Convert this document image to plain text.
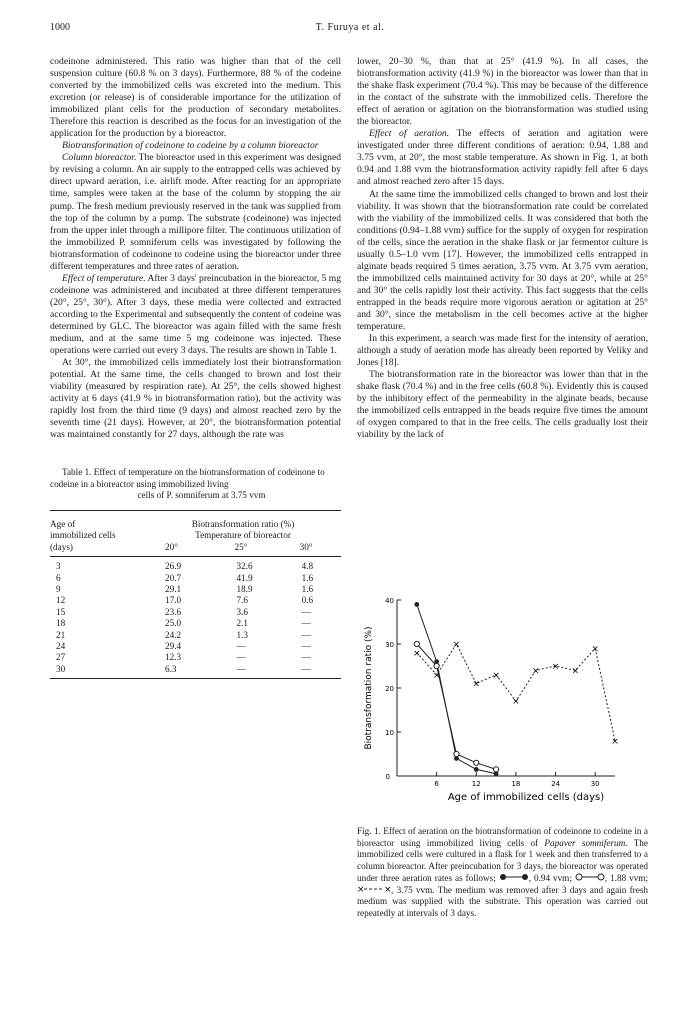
1000	T. Furuya et al.

codeinone administered. This ratio was higher than that of the cell suspension culture (60.8 % on 3 days). Furthermore, 88 % of the codeine converted by the immobilized cells was excreted into the medium. This excretion (or release) is of considerable importance for the utilization of immobilized plant cells for the production of secondary metabolites. Therefore this reaction is described as the focus for an investigation of the application for the production by a bioreactor.

Biotransformation of codeinone to codeine by a column bioreactor

Column bioreactor. The bioreactor used in this experiment was designed by revising a column. An air supply to the entrapped cells was achieved by direct upward aeration, i.e. airlift mode. After reacting for an appropriate time, samples were taken at the base of the column by stopping the air pump. The fresh medium previously reserved in the tank was supplied from the top of the column by a pump. The substrate (codeinone) was injected from the upper inlet through a millipore filter. The continuous utilization of the immobilized P. somniferum cells was investigated by following the biotransformation of codeinone to codeine using the bioreactor under three different temperatures and three rates of aeration.

Effect of temperature. After 3 days' preincubation in the bioreactor, 5 mg codeinone was administered and incubated at three different temperatures (20°, 25°, 30°). After 3 days, these media were collected and extracted according to the Experimental and subsequently the content of codeine was determined by GLC. The bioreactor was again filled with the same fresh medium, and at the same time 5 mg codeinone was injected. These operations were carried out every 3 days. The results are shown in Table 1.

At 30°, the immobilized cells immediately lost their biotransformation potential. At the same time, the cells changed to brown and lost their viability (measured by respiration rate). At 25°, the cells showed highest activity at 6 days (41.9 % in biotransformation ratio), but the activity was rapidly lost from the third time (9 days) and almost reached zero by the seventh time (21 days). However, at 20°, the biotransformation potential was maintained constantly for 27 days, although the rate was

Table 1. Effect of temperature on the biotransformation of codeinone to codeine in a bioreactor using immobilized living

cells of P. somniferum at 3.75 vvm

Age of	Biotransformation ratio (%)		
immobilized cells	Temperature of bioreactor		
(days)	20°	25°	30°
3	26.9	32.6	4.8
6	20.7	41.9	1.6
9	29.1	18.9	1.6
12	17.0	7.6	0.6
15	23.6	3.6	—
18	25.0	2.1	—
21	24.2	1.3	—
24	29.4	—	—
27	12.3	—	—
30	6.3	—	—

lower, 20–30 %, than that at 25° (41.9 %). In all cases, the biotransformation activity (41.9 %) in the bioreactor was lower than that in the shake flask experiment (70.4 %). This may be because of the difference in the contact of the substrate with the immobilized cells. Therefore the effect of aeration or agitation on the biotransformation was studied using the bioreactor.

Effect of aeration. The effects of aeration and agitation were investigated under three different conditions of aeration: 0.94, 1.88 and 3.75 vvm, at 20°, the most stable temperature. As shown in Fig. 1, at both 0.94 and 1.88 vvm the biotransformation activity rapidly fell after 6 days and almost reached zero after 15 days.

At the same time the immobilized cells changed to brown and lost their viability. It was shown that the biotransformation rate could be correlated with the viability of the immobilized cells. It was considered that both the conditions (0.94–1.88 vvm) suffice for the supply of oxygen for respiration of the cells, since the aeration in the shake flask or jar fermentor culture is usually 0.5–1.0 vvm [17]. However, the immobilized cells entrapped in alginate beads required 5 times aeration, 3.75 vvm. At 3.75 vvm aeration, the immobilized cells maintained activity for 30 days at 20°, while at 25° and 30° the cells rapidly lost their activity. This fact suggests that the cells entrapped in the beads require more vigorous aeration or agitation at 25° and 30°, since the metabolism in the cell becomes active at the higher temperature.

In this experiment, a search was made first for the intensity of aeration, although a study of aeration mode has already been reported by Veliky and Jones [18].

The biotransformation rate in the bioreactor was lower than that in the shake flask (70.4 %) and in the free cells (60.8 %). Evidently this is caused by the inhibitory effect of the permeability in the alginate beads, because the immobilized cells entrapped in the beads require five times the amount of oxygen compared to that in the free cells. The cells gradually lost their viability by the lack of

6	12	18	24	30
0
10
20
30
40
Age of immobilized cells (days)
Biotransformation ratio (%)	×
×
×
×
×
×
× × ×
×
×
Fig. 1. Effect of aeration on the biotransformation of codeinone to codeine in a bioreactor using immobilized living cells of Papaver somniferum. The immobilized cells were cultured in a flask for 1 week and then transferred to a column bioreactor. After preincubation for 3 days, the bioreactor was operated under three aeration rates as follows;	, 0.94 vvm;	, 1.88 vvm;
× × , 3.75 vvm. The medium was removed after 3 days and again fresh medium was supplied with the substrate. This operation was carried out repeatedly at intervals of 3 days.
